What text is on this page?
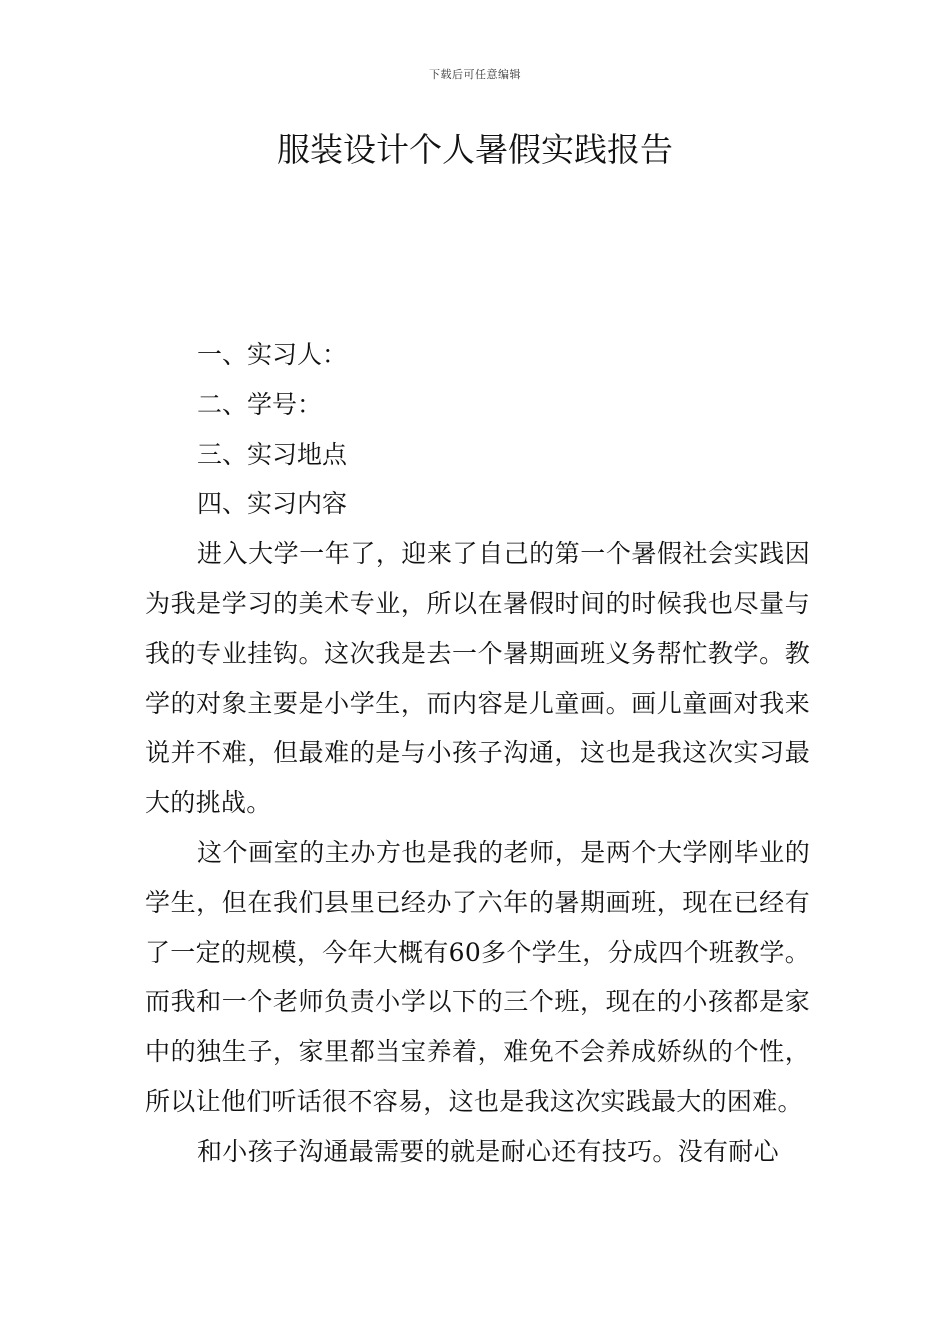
下载后可任意编辑
服装设计个人暑假实践报告

一、实习人：

二、学号：

三、实习地点

四、实习内容

进入大学一年了，迎来了自己的第一个暑假社会实践因为我是学习的美术专业，所以在暑假时间的时候我也尽量与我的专业挂钩。这次我是去一个暑期画班义务帮忙教学。教学的对象主要是小学生，而内容是儿童画。画儿童画对我来说并不难，但最难的是与小孩子沟通，这也是我这次实习最大的挑战。

这个画室的主办方也是我的老师，是两个大学刚毕业的学生，但在我们县里已经办了六年的暑期画班，现在已经有了一定的规模，今年大概有60多个学生，分成四个班教学。而我和一个老师负责小学以下的三个班，现在的小孩都是家中的独生子，家里都当宝养着，难免不会养成娇纵的个性，所以让他们听话很不容易，这也是我这次实践最大的困难。

和小孩子沟通最需要的就是耐心还有技巧。没有耐心
